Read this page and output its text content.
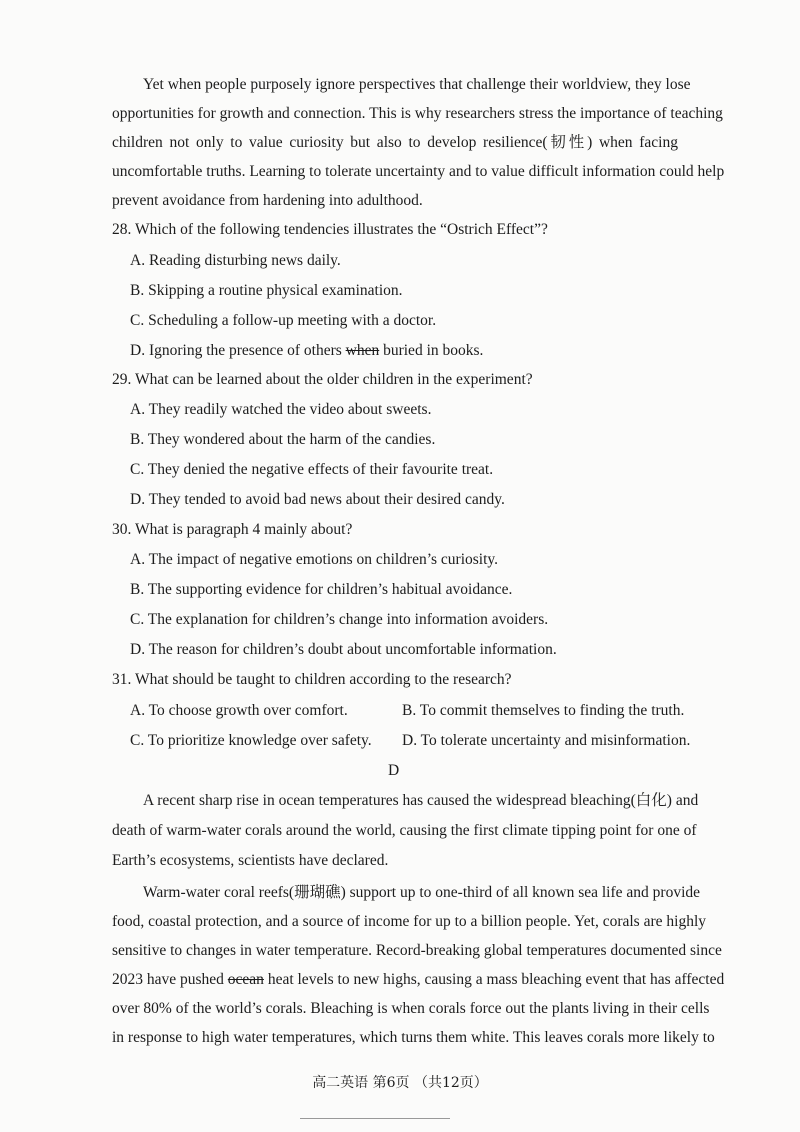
Yet when people purposely ignore perspectives that challenge their worldview, they lose
opportunities for growth and connection. This is why researchers stress the importance of teaching
children not only to value curiosity but also to develop resilience(韧性) when facing
uncomfortable truths. Learning to tolerate uncertainty and to value difficult information could help
prevent avoidance from hardening into adulthood.
28. Which of the following tendencies illustrates the “Ostrich Effect”?
A. Reading disturbing news daily.
B. Skipping a routine physical examination.
C. Scheduling a follow-up meeting with a doctor.
D. Ignoring the presence of others when buried in books.
29. What can be learned about the older children in the experiment?
A. They readily watched the video about sweets.
B. They wondered about the harm of the candies.
C. They denied the negative effects of their favourite treat.
D. They tended to avoid bad news about their desired candy.
30. What is paragraph 4 mainly about?
A. The impact of negative emotions on children’s curiosity.
B. The supporting evidence for children’s habitual avoidance.
C. The explanation for children’s change into information avoiders.
D. The reason for children’s doubt about uncomfortable information.
31. What should be taught to children according to the research?
A. To choose growth over comfort.	B. To commit themselves to finding the truth.
C. To prioritize knowledge over safety. D. To tolerate uncertainty and misinformation.
D
A recent sharp rise in ocean temperatures has caused the widespread bleaching(白化) and
death of warm-water corals around the world, causing the first climate tipping point for one of
Earth’s ecosystems, scientists have declared.
Warm-water coral reefs(珊瑚礁) support up to one-third of all known sea life and provide
food, coastal protection, and a source of income for up to a billion people. Yet, corals are highly
sensitive to changes in water temperature. Record-breaking global temperatures documented since
2023 have pushed ocean heat levels to new highs, causing a mass bleaching event that has affected
over 80% of the world’s corals. Bleaching is when corals force out the plants living in their cells
in response to high water temperatures, which turns them white. This leaves corals more likely to
高二英语 第6页 （共12页）
